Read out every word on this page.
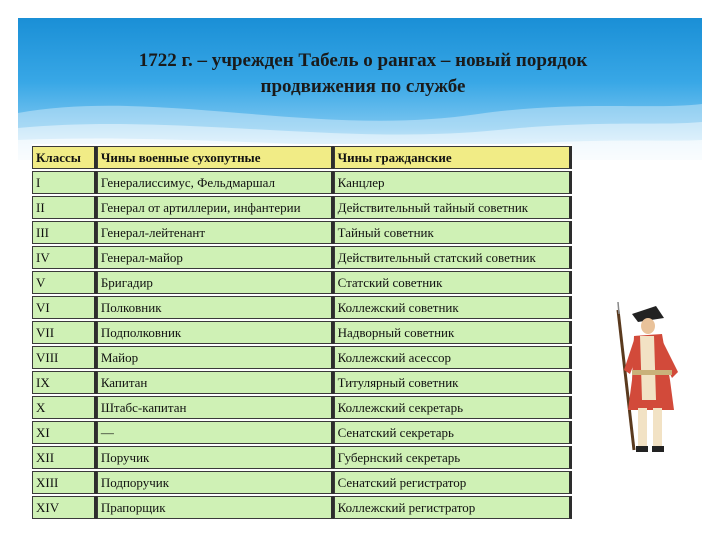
1722 г. – учрежден Табель о рангах – новый порядок
продвижения по службе
Классы	Чины военные сухопутные	Чины гражданские
I	Генералиссимус, Фельдмаршал	Канцлер
II	Генерал от артиллерии, инфантерии	Действительный тайный советник
III	Генерал-лейтенант	Тайный советник
IV	Генерал-майор	Действительный статский советник
V	Бригадир	Статский советник
VI	Полковник	Коллежский советник
VII	Подполковник	Надворный советник
VIII	Майор	Коллежский асессор
IX	Капитан	Титулярный советник
X	Штабс-капитан	Коллежский секретарь
XI	—	Сенатский секретарь
XII	Поручик	Губернский секретарь
XIII	Подпоручик	Сенатский регистратор
XIV	Прапорщик	Коллежский регистратор
